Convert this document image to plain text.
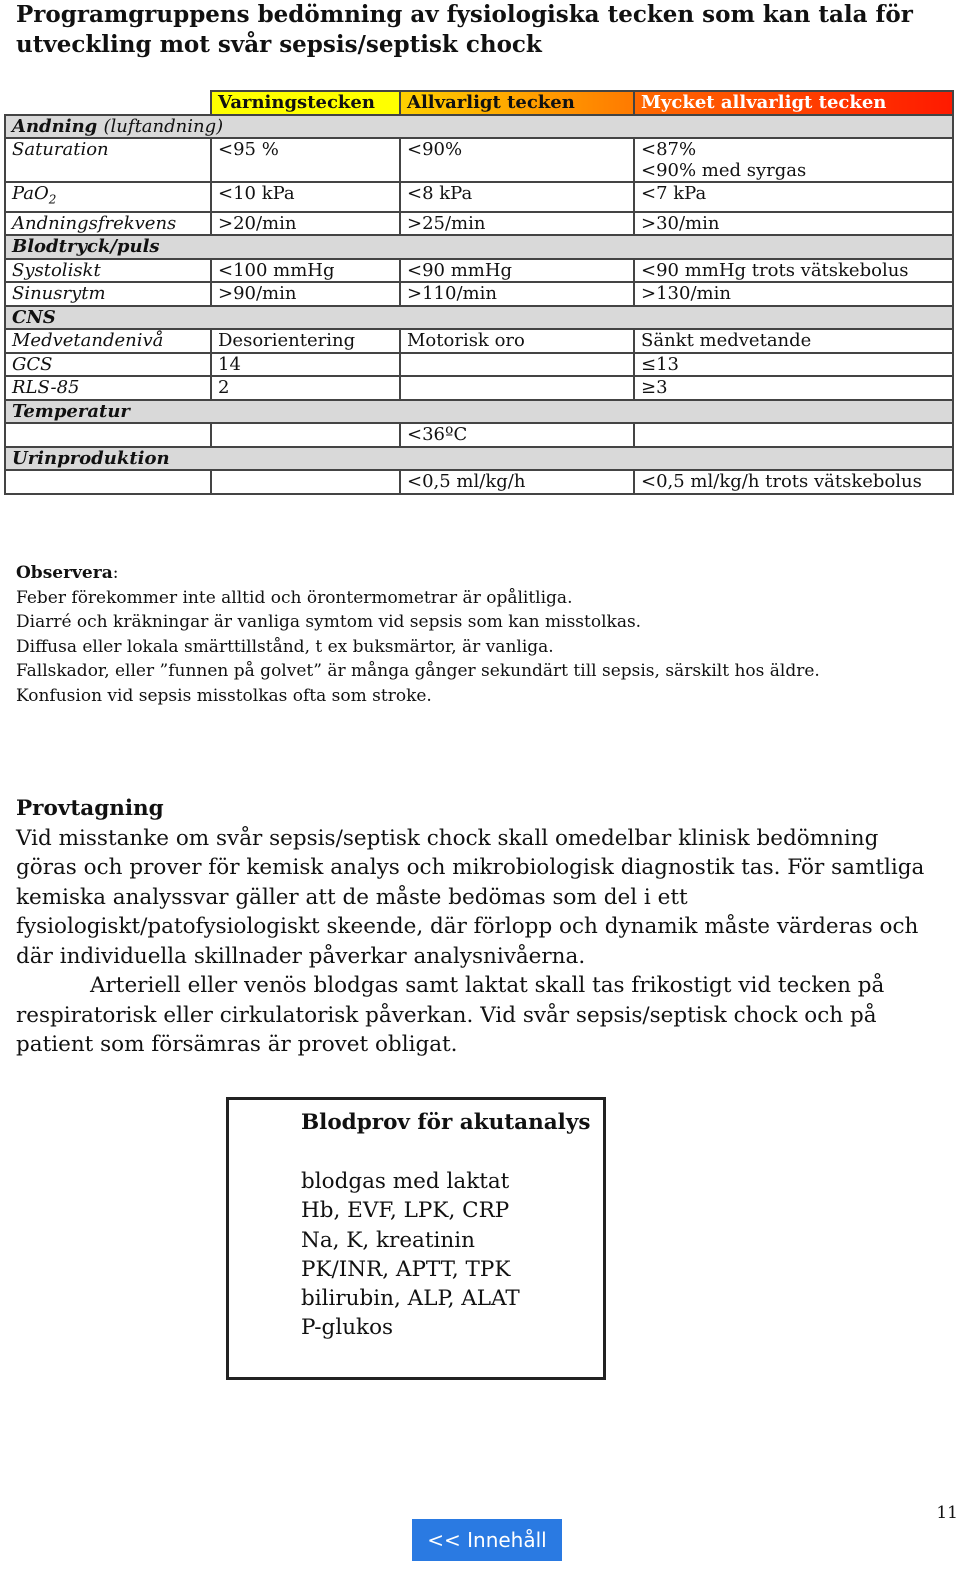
Programgruppens bedömning av fysiologiska tecken som kan tala för utveckling mot svår sepsis/septisk chock
	Varningstecken	Allvarligt tecken	Mycket allvarligt tecken
Andning (luftandning)			
Saturation	<95 %	<90%	<87%
<90% med syrgas

PaO$_2$	<10 kPa	<8 kPa	<7 kPa
Andningsfrekvens	>20/min	>25/min	>30/min
Blodtryck/puls			
Systoliskt	<100 mmHg	<90 mmHg	<90 mmHg trots vätskebolus
Sinusrytm	>90/min	>110/min	>130/min
CNS			
Medvetandenivå	Desorientering	Motorisk oro	Sänkt medvetande
GCS	14		≤13
RLS-85	2		≥3
Temperatur			
		<36ºC	
Urinproduktion			
		<0,5 ml/kg/h	<0,5 ml/kg/h trots vätskebolus
Observera:
Feber förekommer inte alltid och örontermometrar är opålitliga.
Diarré och kräkningar är vanliga symtom vid sepsis som kan misstolkas.
Diffusa eller lokala smärttillstånd, t ex buksmärtor, är vanliga.
Fallskador, eller ”funnen på golvet” är många gånger sekundärt till sepsis, särskilt hos äldre.
Konfusion vid sepsis misstolkas ofta som stroke.
Provtagning

Vid misstanke om svår sepsis/septisk chock skall omedelbar klinisk bedömning göras och prover för kemisk analys och mikrobiologisk diagnostik tas. För samtliga kemiska analyssvar gäller att de måste bedömas som del i ett fysiologiskt/patofysiologiskt skeende, där förlopp och dynamik måste värderas och där individuella skillnader påverkar analysnivåerna.

Arteriell eller venös blodgas samt laktat skall tas frikostigt vid tecken på respiratorisk eller cirkulatorisk påverkan. Vid svår sepsis/septisk chock och på patient som försämras är provet obligat.

Blodprov för akutanalys
blodgas med laktat
Hb, EVF, LPK, CRP
Na, K, kreatinin
PK/INR, APTT, TPK
bilirubin, ALP, ALAT
P-glukos
11
<< Innehåll
